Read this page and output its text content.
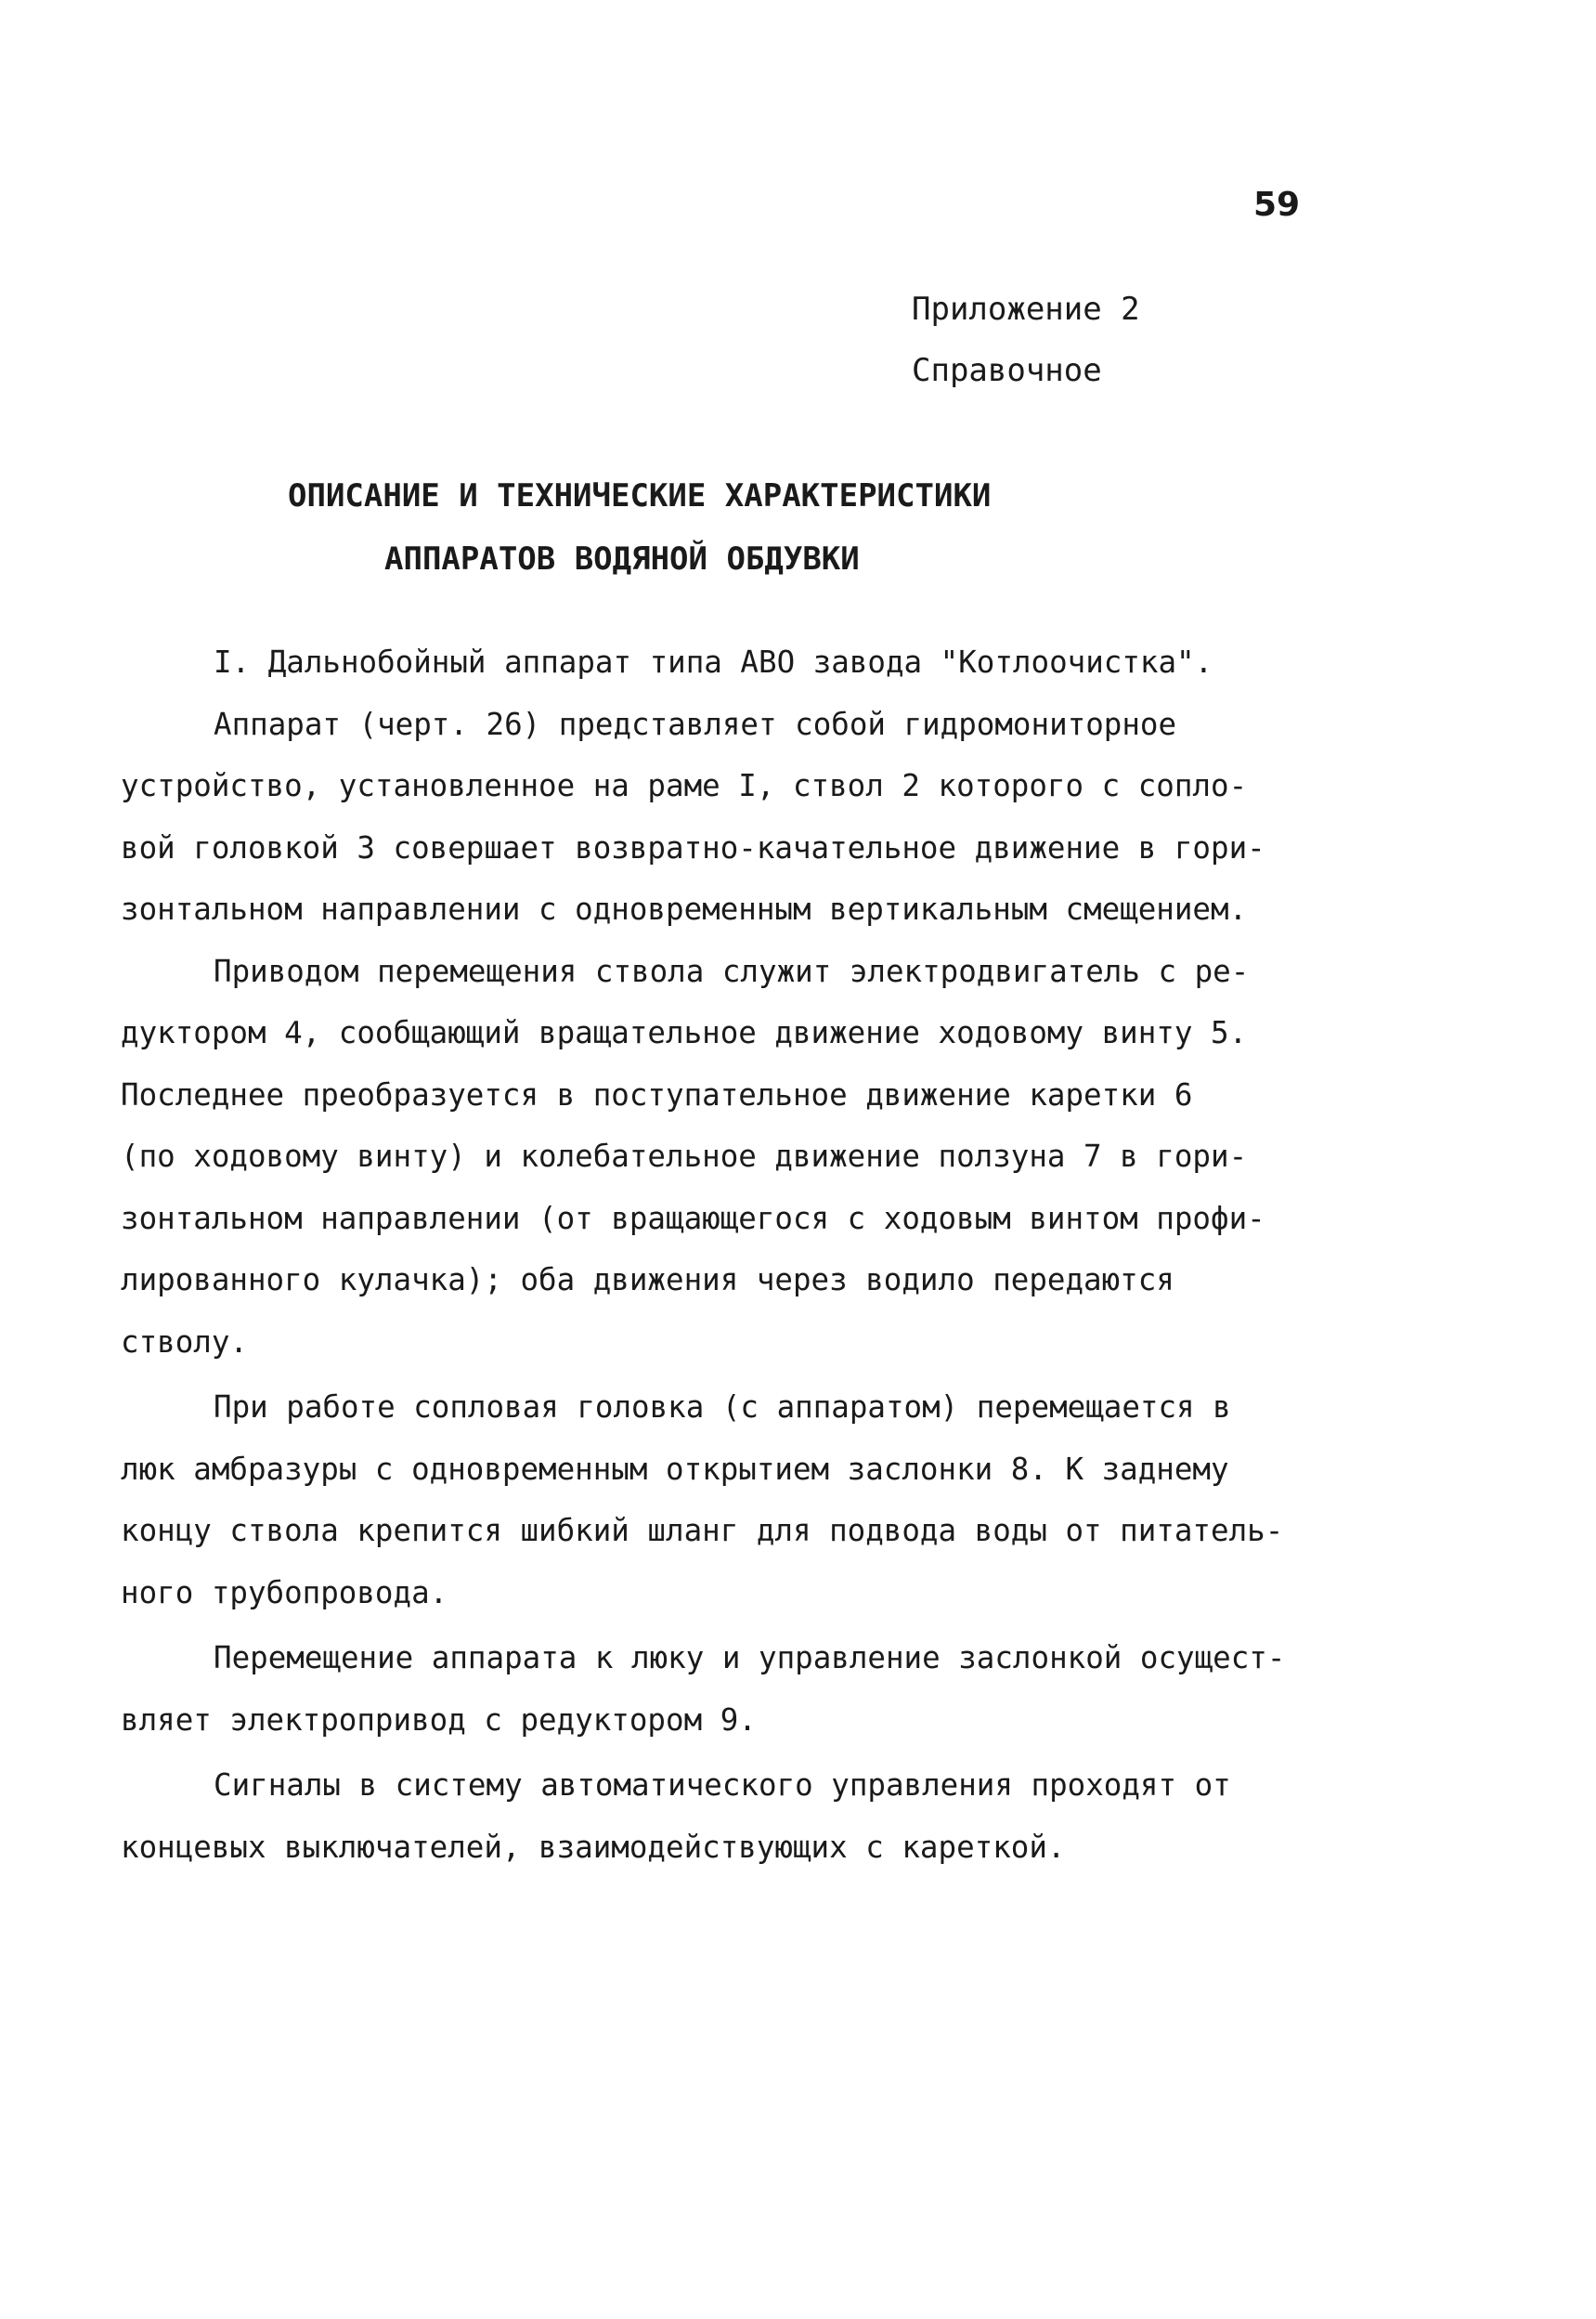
59
Приложение 2
Справочное
ОПИСАНИЕ И ТЕХНИЧЕСКИЕ ХАРАКТЕРИСТИКИ
АППАРАТОВ ВОДЯНОЙ ОБДУВКИ
I. Дальнобойный аппарат типа АВО завода "Котлоочистка".
Аппарат (черт. 26) представляет собой гидромониторное
устройство, установленное на раме I, ствол 2 которого с сопло-
вой головкой 3 совершает возвратно-качательное движение в гори-
зонтальном направлении с одновременным вертикальным смещением.
Приводом перемещения ствола служит электродвигатель с ре-
дуктором 4, сообщающий вращательное движение ходовому винту 5.
Последнее преобразуется в поступательное движение каретки 6
(по ходовому винту) и колебательное движение ползуна 7 в гори-
зонтальном направлении (от вращающегося с ходовым винтом профи-
лированного кулачка); оба движения через водило передаются
стволу.
При работе сопловая головка (с аппаратом) перемещается в
люк амбразуры с одновременным открытием заслонки 8. К заднему
концу ствола крепится шибкий шланг для подвода воды от питатель-
ного трубопровода.
Перемещение аппарата к люку и управление заслонкой осущест-
вляет электропривод с редуктором 9.
Сигналы в систему автоматического управления проходят от
концевых выключателей, взаимодействующих с кареткой.
